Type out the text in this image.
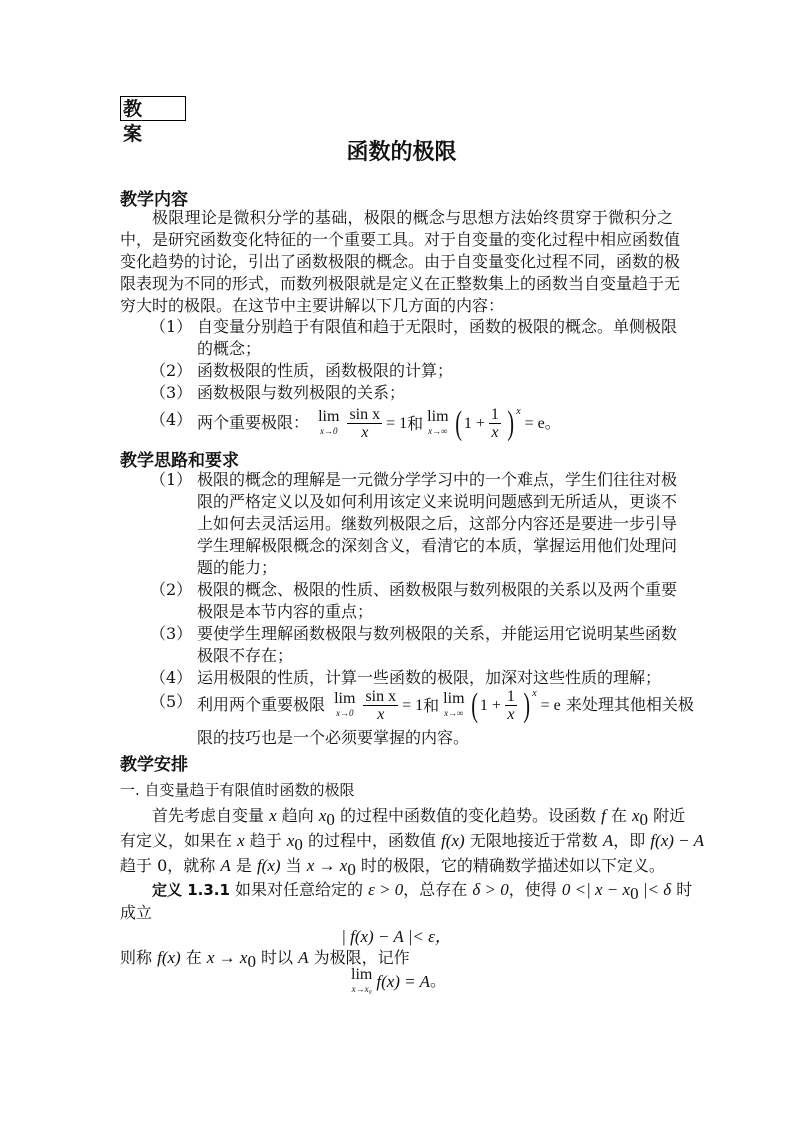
教案
函数的极限
教学内容
两个重要极限： lim
$x\to 0 \frac{\text{sin x}}{x} = 1$ 和 lim
x→∞ ( $1 + \frac{1}{x}$ ) x
= e 。
教学思路和要求
利用两个重要极限 lim
$x\to 0 \frac{\text{sin x}}{x} = 1$ 和 lim
x→∞ ( $1 + \frac{1}{x}$ ) x
= e 来处理其他相关极
（5）
限的技巧也是一个必须要掌握的内容。
教学安排
一. 自变量趋于有限值时函数的极限
首先考虑自变量 x 趋向 $x_0$ 的过程中函数值的变化趋势。设函数 f 在 $x_0$ 附近
有定义，如果在 x 趋于 $x_0$ 的过程中，函数值 f(x) 无限地接近于常数 A，即 f(x) − A
趋于 0，就称 A 是 f(x) 当 $x \to x_0$ 时的极限，它的精确数学描述如以下定义。
定义 1.3.1 如果对任意给定的 ε > 0，总存在 δ > 0，使得 0 <| $x - x_0$ |< δ 时
成立
| f(x) − A |< ε，
则称 f(x) 在 $x \to x_0$ 时以 A 为极限，记作
lim
x→x₀ f(x) = A 。
极限理论是微积分学的基础，极限的概念与思想方法始终贯穿于微积分之
中，是研究函数变化特征的一个重要工具。对于自变量的变化过程中相应函数值
变化趋势的讨论，引出了函数极限的概念。由于自变量变化过程不同，函数的极
限表现为不同的形式，而数列极限就是定义在正整数集上的函数当自变量趋于无
穷大时的极限。在这节中主要讲解以下几方面的内容：
（1） 自变量分别趋于有限值和趋于无限时，函数的极限的概念。单侧极限
的概念；
（2） 函数极限的性质，函数极限的计算；
（3） 函数极限与数列极限的关系；
（4）
（1） 极限的概念的理解是一元微分学学习中的一个难点，学生们往往对极
限的严格定义以及如何利用该定义来说明问题感到无所适从，更谈不
上如何去灵活运用。继数列极限之后，这部分内容还是要进一步引导
学生理解极限概念的深刻含义，看清它的本质，掌握运用他们处理问
题的能力；
（2） 极限的概念、极限的性质、函数极限与数列极限的关系以及两个重要
极限是本节内容的重点；
（3） 要使学生理解函数极限与数列极限的关系，并能运用它说明某些函数
极限不存在；
（4） 运用极限的性质，计算一些函数的极限，加深对这些性质的理解；
